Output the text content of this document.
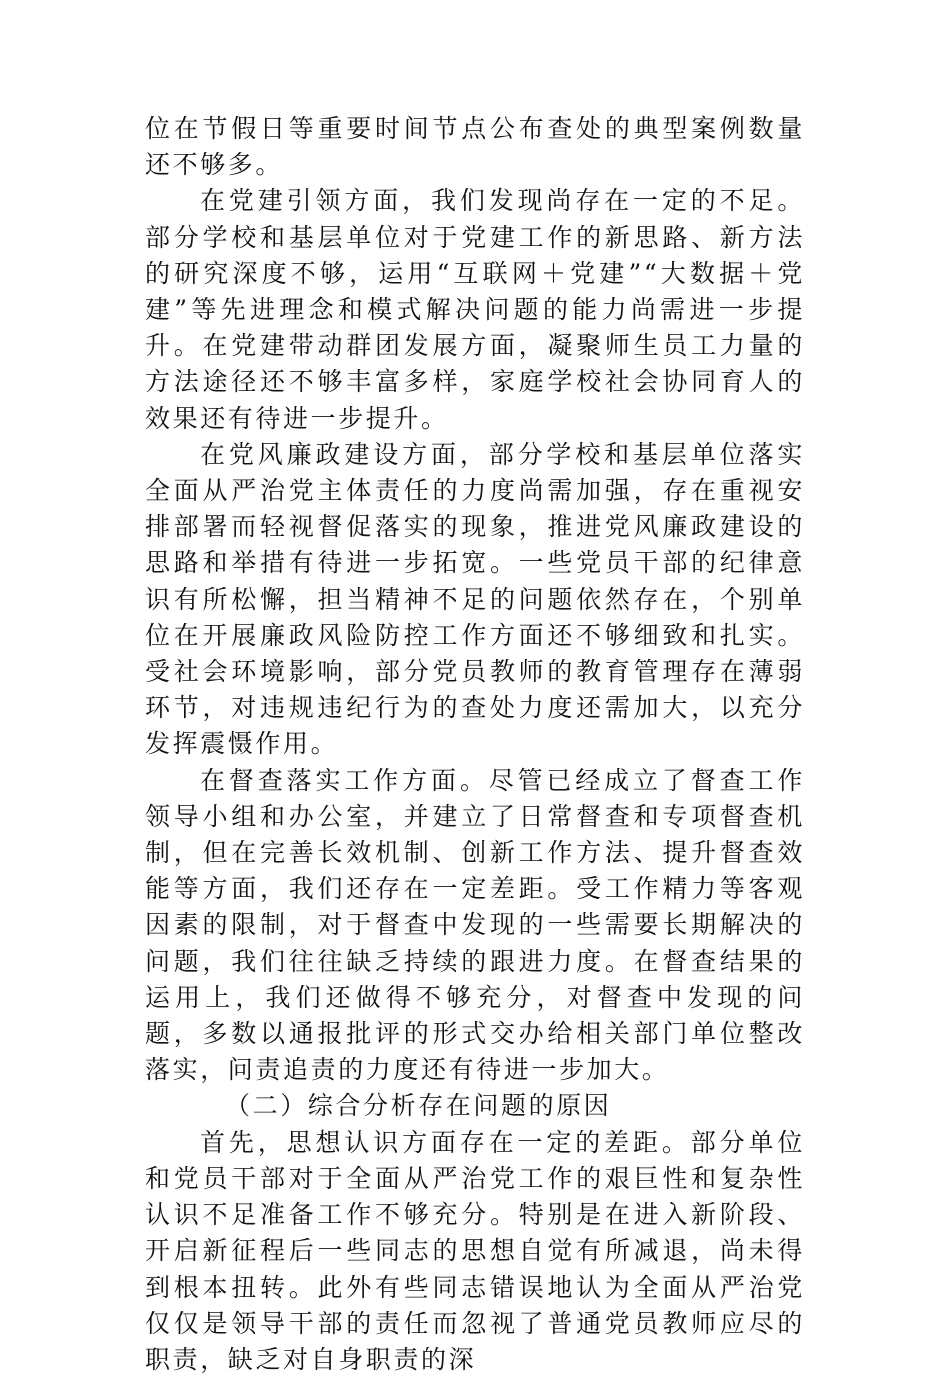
位在节假日等重要时间节点公布查处的典型案例数量还不够多。

在党建引领方面，我们发现尚存在一定的不足。部分学校和基层单位对于党建工作的新思路、新方法的研究深度不够，运用“互联网＋党建”“大数据＋党建”等先进理念和模式解决问题的能力尚需进一步提升。在党建带动群团发展方面，凝聚师生员工力量的方法途径还不够丰富多样，家庭学校社会协同育人的效果还有待进一步提升。

在党风廉政建设方面，部分学校和基层单位落实全面从严治党主体责任的力度尚需加强，存在重视安排部署而轻视督促落实的现象，推进党风廉政建设的思路和举措有待进一步拓宽。一些党员干部的纪律意识有所松懈，担当精神不足的问题依然存在，个别单位在开展廉政风险防控工作方面还不够细致和扎实。受社会环境影响，部分党员教师的教育管理存在薄弱环节，对违规违纪行为的查处力度还需加大，以充分发挥震慑作用。

在督查落实工作方面。尽管已经成立了督查工作领导小组和办公室，并建立了日常督查和专项督查机制，但在完善长效机制、创新工作方法、提升督查效能等方面，我们还存在一定差距。受工作精力等客观因素的限制，对于督查中发现的一些需要长期解决的问题，我们往往缺乏持续的跟进力度。在督查结果的运用上，我们还做得不够充分，对督查中发现的问题，多数以通报批评的形式交办给相关部门单位整改落实，问责追责的力度还有待进一步加大。

（二）综合分析存在问题的原因

首先，思想认识方面存在一定的差距。部分单位和党员干部对于全面从严治党工作的艰巨性和复杂性认识不足准备工作不够充分。特别是在进入新阶段、开启新征程后一些同志的思想自觉有所减退，尚未得到根本扭转。此外有些同志错误地认为全面从严治党仅仅是领导干部的责任而忽视了普通党员教师应尽的职责，缺乏对自身职责的深
